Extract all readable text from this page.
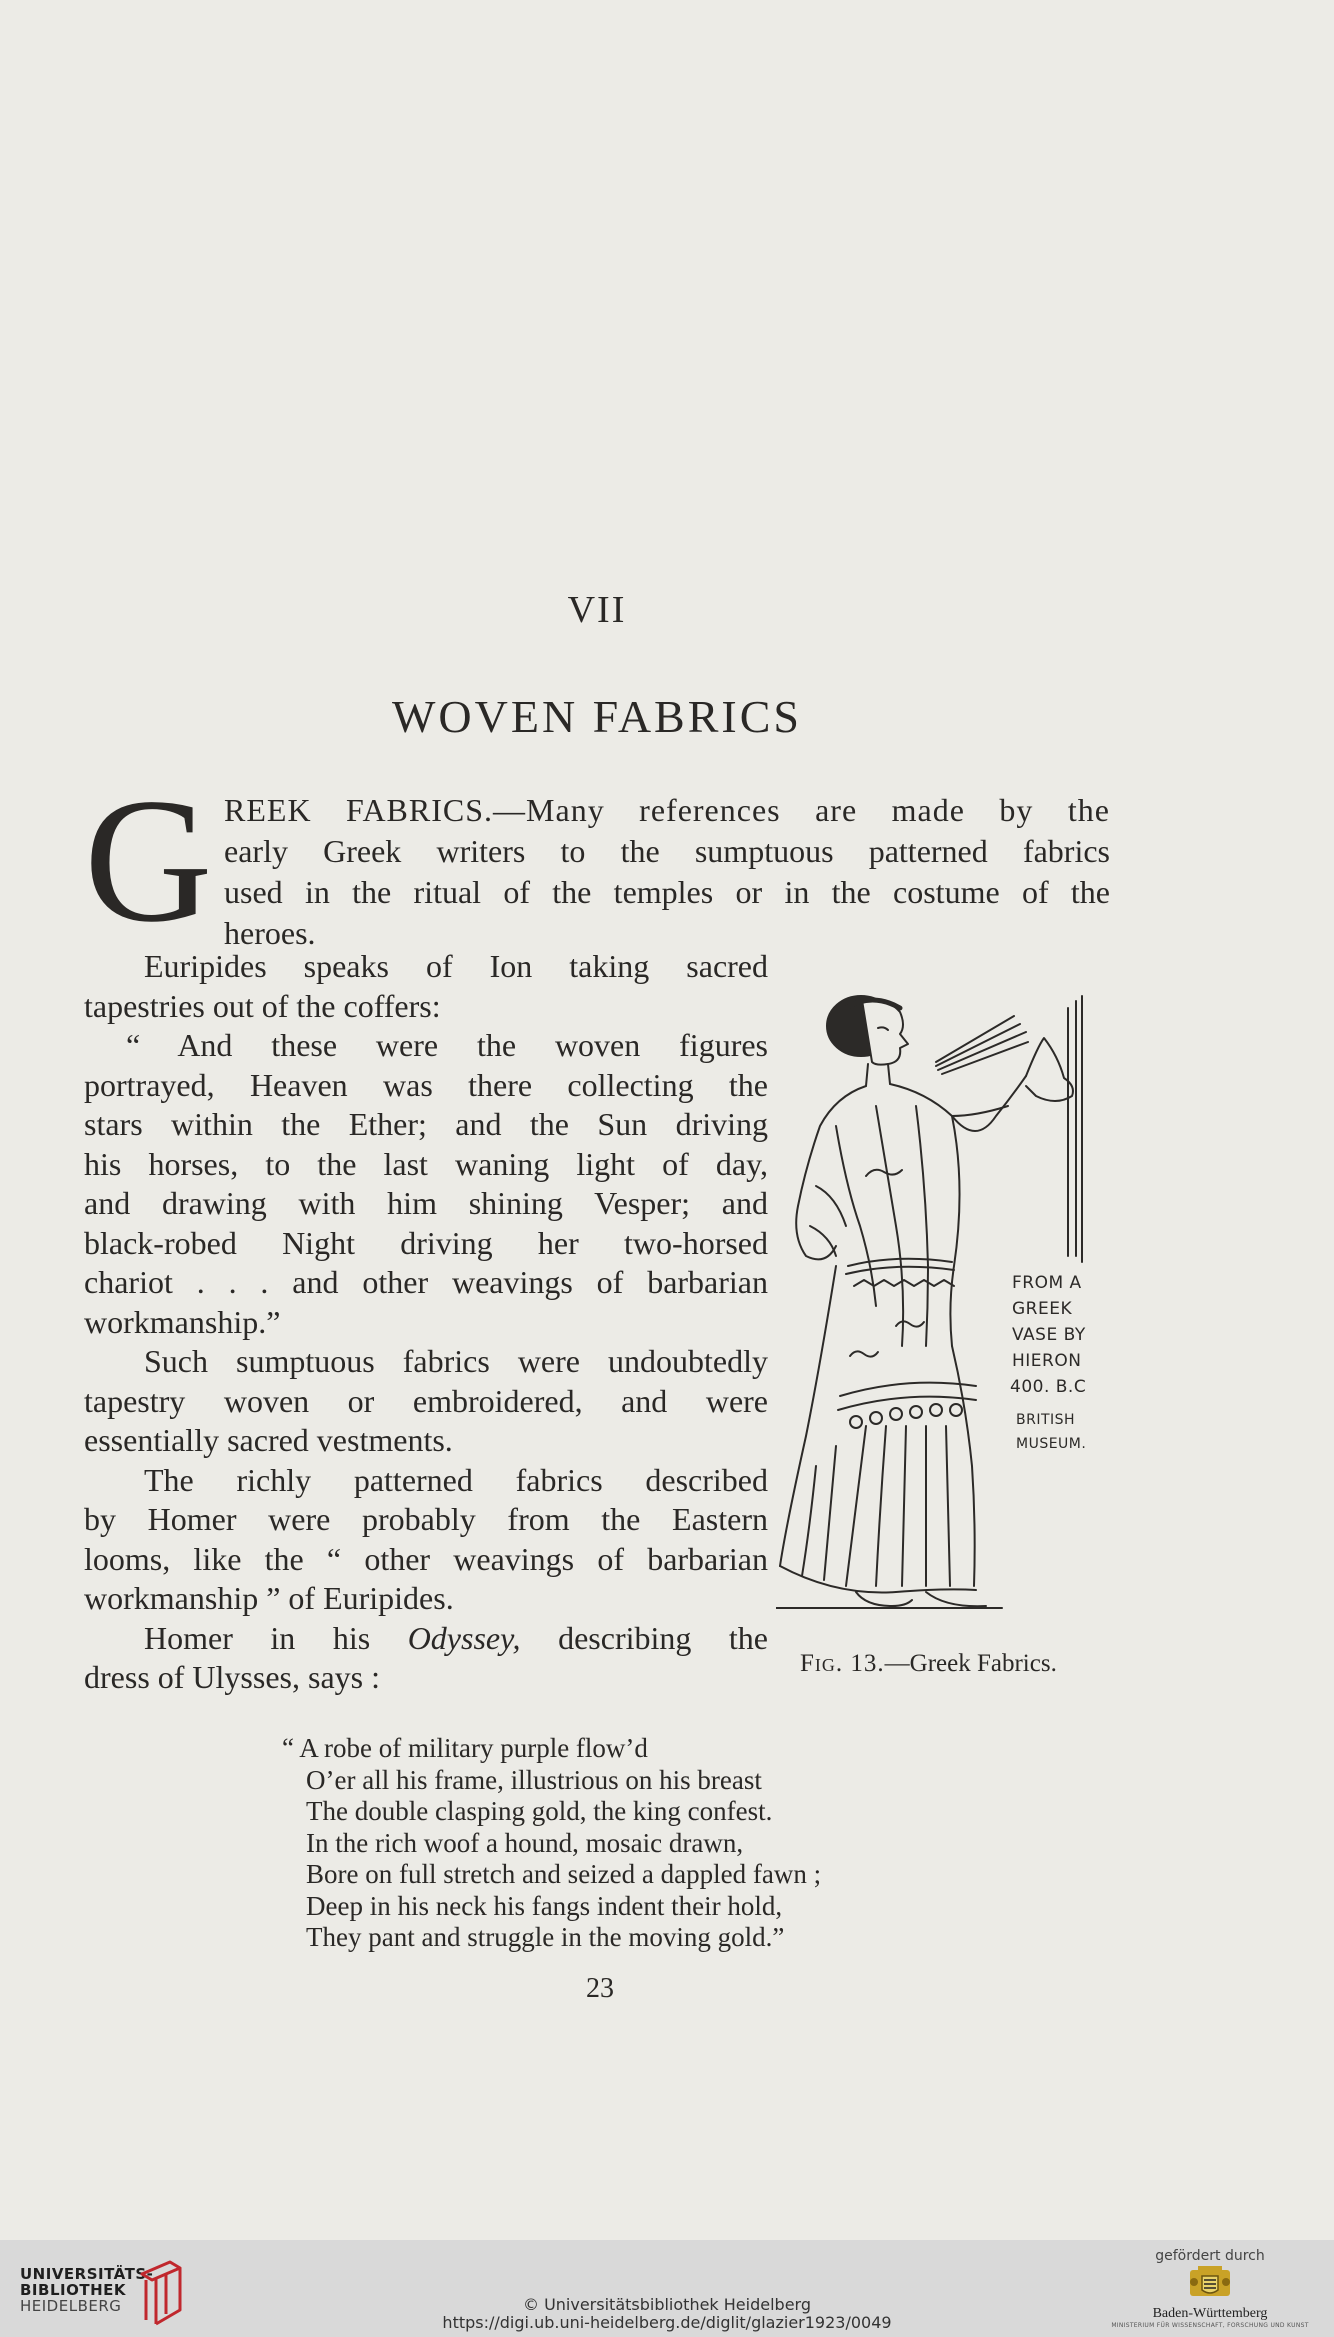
VII
WOVEN FABRICS
G REEK FABRICS.—Many references are made by the
early Greek writers to the sumptuous patterned fabrics
used in the ritual of the temples or in the costume of the
heroes.

Euripides speaks of Ion taking sacred
tapestries out of the coffers:

“ And these were the woven figures
portrayed, Heaven was there collecting the
stars within the Ether; and the Sun driving
his horses, to the last waning light of day,
and drawing with him shining Vesper; and
black-robed Night driving her two-horsed
chariot . . . and other weavings of barbarian
workmanship.”

Such sumptuous fabrics were undoubtedly
tapestry woven or embroidered, and were
essentially sacred vestments.

The richly patterned fabrics described
by Homer were probably from the Eastern
looms, like the “ other weavings of barbarian
workmanship ” of Euripides.

Homer in his Odyssey, describing the
dress of Ulysses, says :

FROM A
GREEK
VASE BY
HIERON
400. B.C
BRITISH
MUSEUM.
Fig. 13.—Greek Fabrics.
“ A robe of military purple flow’d
O’er all his frame, illustrious on his breast
The double clasping gold, the king confest.
In the rich woof a hound, mosaic drawn,
Bore on full stretch and seized a dappled fawn ;
Deep in his neck his fangs indent their hold,
They pant and struggle in the moving gold.”
23
UNIVERSITÄTS-
BIBLIOTHEK
HEIDELBERG	© Universitätsbibliothek Heidelberg
https://digi.ub.uni-heidelberg.de/diglit/glazier1923/0049
gefördert durch
Baden-Württemberg
MINISTERIUM FÜR WISSENSCHAFT, FORSCHUNG UND KUNST
